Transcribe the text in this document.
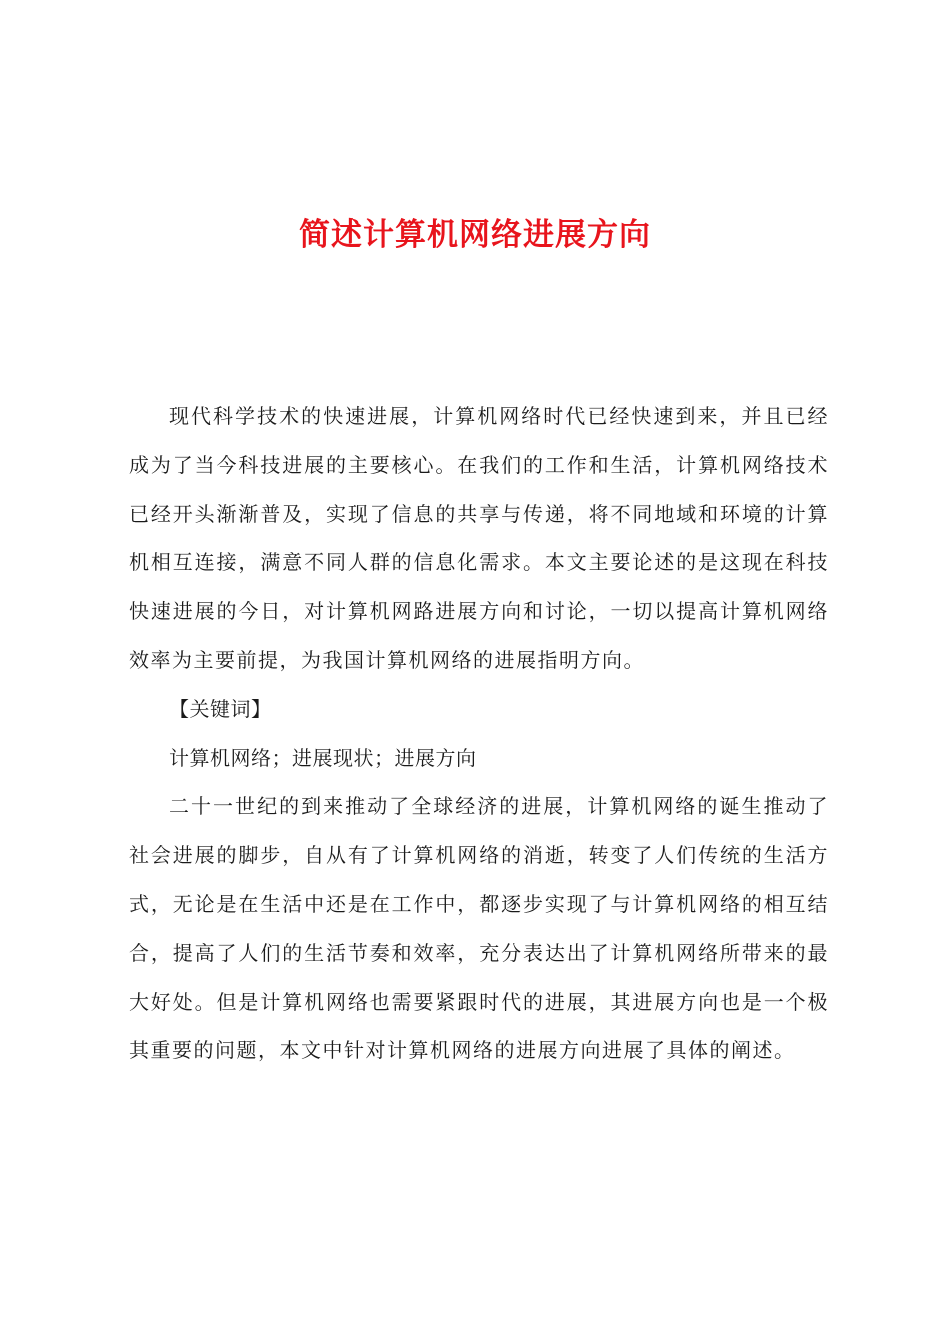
简述计算机网络进展方向

现代科学技术的快速进展，计算机网络时代已经快速到来，并且已经成为了当今科技进展的主要核心。在我们的工作和生活，计算机网络技术已经开头渐渐普及，实现了信息的共享与传递，将不同地域和环境的计算机相互连接，满意不同人群的信息化需求。本文主要论述的是这现在科技快速进展的今日，对计算机网路进展方向和讨论，一切以提高计算机网络效率为主要前提，为我国计算机网络的进展指明方向。

【关键词】

计算机网络；进展现状；进展方向

二十一世纪的到来推动了全球经济的进展，计算机网络的诞生推动了社会进展的脚步，自从有了计算机网络的消逝，转变了人们传统的生活方式，无论是在生活中还是在工作中，都逐步实现了与计算机网络的相互结合，提高了人们的生活节奏和效率，充分表达出了计算机网络所带来的最大好处。但是计算机网络也需要紧跟时代的进展，其进展方向也是一个极其重要的问题，本文中针对计算机网络的进展方向进展了具体的阐述。
